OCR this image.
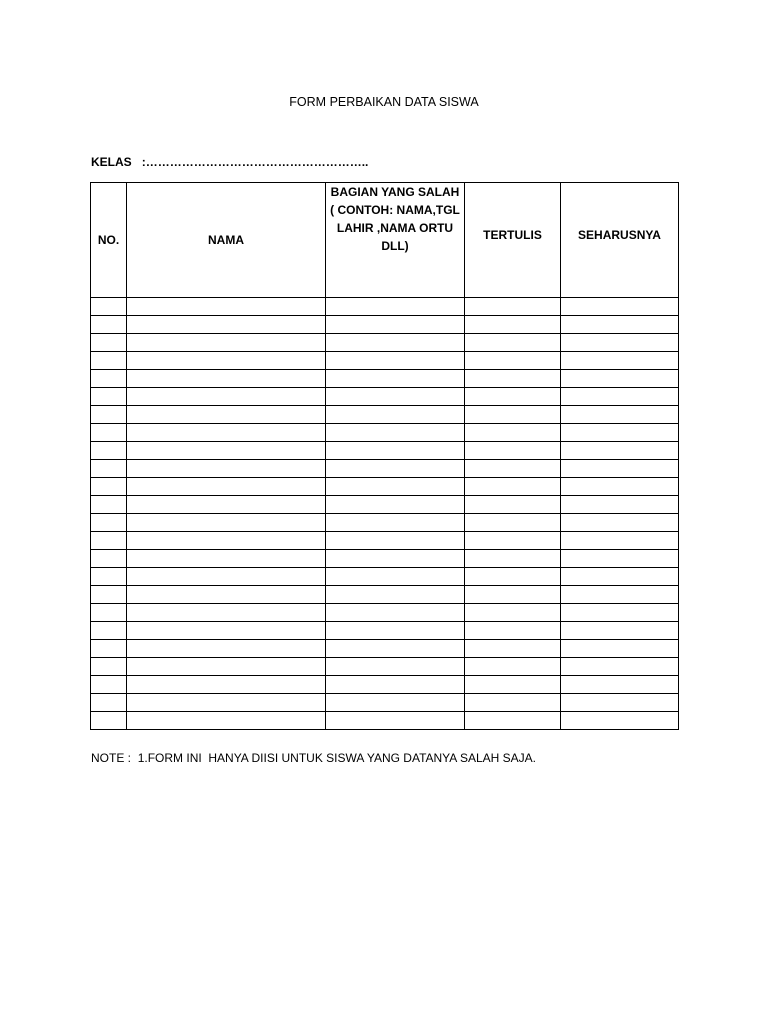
FORM PERBAIKAN DATA SISWA
KELAS :………………………………………………..
NO.	NAMA	BAGIAN YANG SALAH ( CONTOH: NAMA,TGL LAHIR ,NAMA ORTU DLL)	TERTULIS	SEHARUSNYA

NOTE : 1.FORM INI  HANYA DIISI UNTUK SISWA YANG DATANYA SALAH SAJA.
